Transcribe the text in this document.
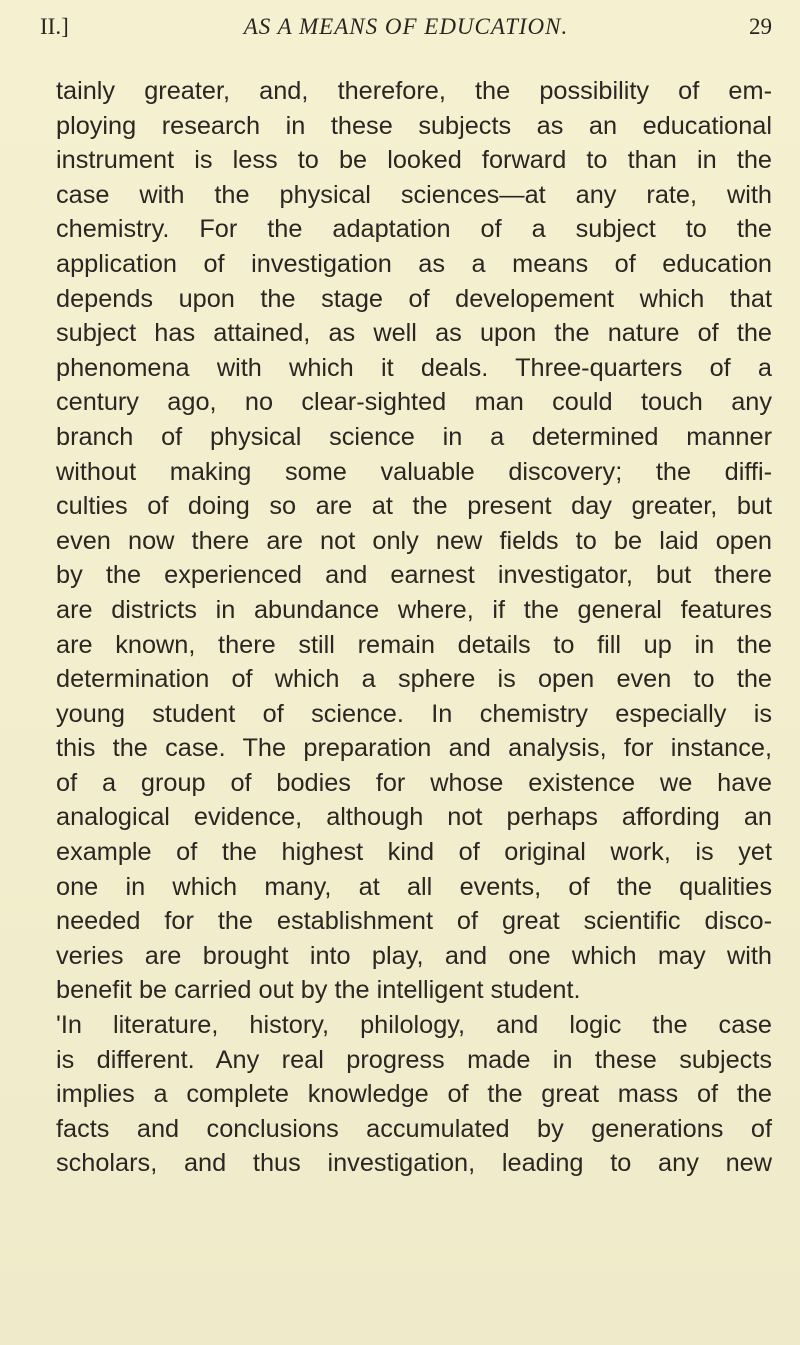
II.]	AS A MEANS OF EDUCATION.	29
tainly greater, and, therefore, the possibility of em-
ploying research in these subjects as an educational
instrument is less to be looked forward to than in the
case with the physical sciences—at any rate, with
chemistry. For the adaptation of a subject to the
application of investigation as a means of education
depends upon the stage of developement which that
subject has attained, as well as upon the nature of the
phenomena with which it deals. Three-quarters of a
century ago, no clear-sighted man could touch any
branch of physical science in a determined manner
without making some valuable discovery; the diffi-
culties of doing so are at the present day greater, but
even now there are not only new fields to be laid open
by the experienced and earnest investigator, but there
are districts in abundance where, if the general features
are known, there still remain details to fill up in the
determination of which a sphere is open even to the
young student of science. In chemistry especially is
this the case. The preparation and analysis, for instance,
of a group of bodies for whose existence we have
analogical evidence, although not perhaps affording an
example of the highest kind of original work, is yet
one in which many, at all events, of the qualities
needed for the establishment of great scientific disco-
veries are brought into play, and one which may with
benefit be carried out by the intelligent student.
'In literature, history, philology, and logic the case
is different. Any real progress made in these subjects
implies a complete knowledge of the great mass of the
facts and conclusions accumulated by generations of
scholars, and thus investigation, leading to any new
